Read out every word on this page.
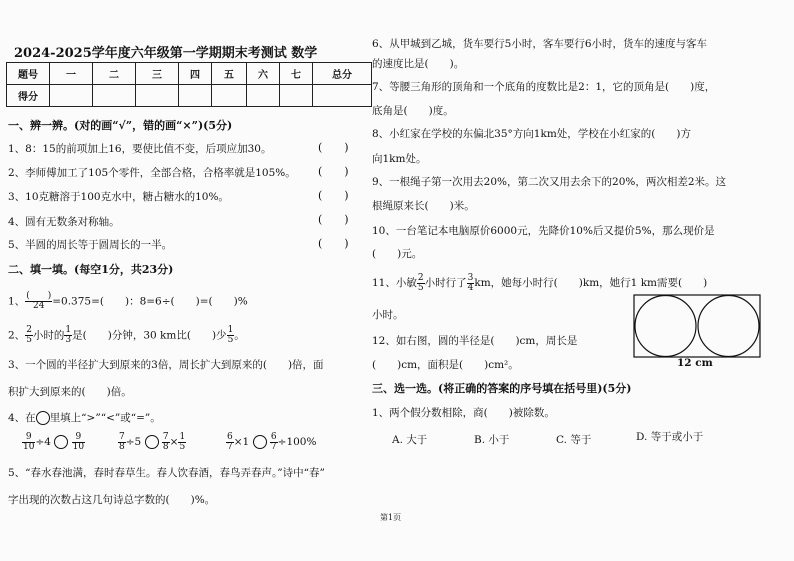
2024-2025学年度六年级第一学期期末考测试 数学
题号	一	二	三	四	五	六	七	总分
得分								
一、辨一辨。(对的画“√”，错的画“×”)(5分)
1、8：15的前项加上16，要使比值不变，后项应加30。	(　　)
2、李师傅加工了105个零件，全部合格，合格率就是105%。 (　　)
3、10克糖溶于100克水中，糖占糖水的10%。	(　　)
4、圆有无数条对称轴。	(　　)
5、半圆的周长等于圆周长的一半。	(　　)
二、填一填。(每空1分，共23分)
1、 $\frac{( )}{24} =0.375=$(　　)：8=6÷(　　)=(　　)%
2、 $\frac{2}{5}$ 小时的 $\frac{1}{3}$ 是(　　)分钟，30 km比(　　)少 $\frac{1}{5}$ 。
3、一个圆的半径扩大到原来的3倍，周长扩大到原来的(　　)倍，面
积扩大到原来的(　　)倍。
4、在 里填上“>”“<”或“=”。
$\frac{9}{10} \div 4 \frac{9}{10}$	$\frac{7}{8} \div 5 \frac{7}{8} \times \frac{1}{5}$	$\frac{6}{7} \times 1 \frac{6}{7} \div 100\%$
5、“春水春池满，春时春草生。春人饮春酒，春鸟弄春声。”诗中“春”
字出现的次数占这几句诗总字数的(　　)%。
6、从甲城到乙城，货车要行5小时，客车要行6小时，货车的速度与客车
的速度比是(　　)。
7、等腰三角形的顶角和一个底角的度数比是2：1，它的顶角是(　　)度，
底角是(　　)度。
8、小红家在学校的东偏北35°方向1km处，学校在小红家的(　　)方
向1km处。
9、一根绳子第一次用去20%，第二次又用去余下的20%，两次相差2米。这
根绳原来长(　　)米。
10、一台笔记本电脑原价6000元，先降价10%后又提价5%，那么现价是
(　　)元。
11、小敏 $\frac{2}{5}$ 小时行了 $\frac{3}{4}$ km，她每小时行(　　)km，她行1 km需要(　　)
小时。
12、如右图，圆的半径是(　　)cm，周长是
(　　)cm，面积是(　　)cm²。	12 cm
三、选一选。(将正确的答案的序号填在括号里)(5分)
1、两个假分数相除，商(　　)被除数。
A. 大于	B. 小于	C. 等于	D. 等于或小于
第1页
